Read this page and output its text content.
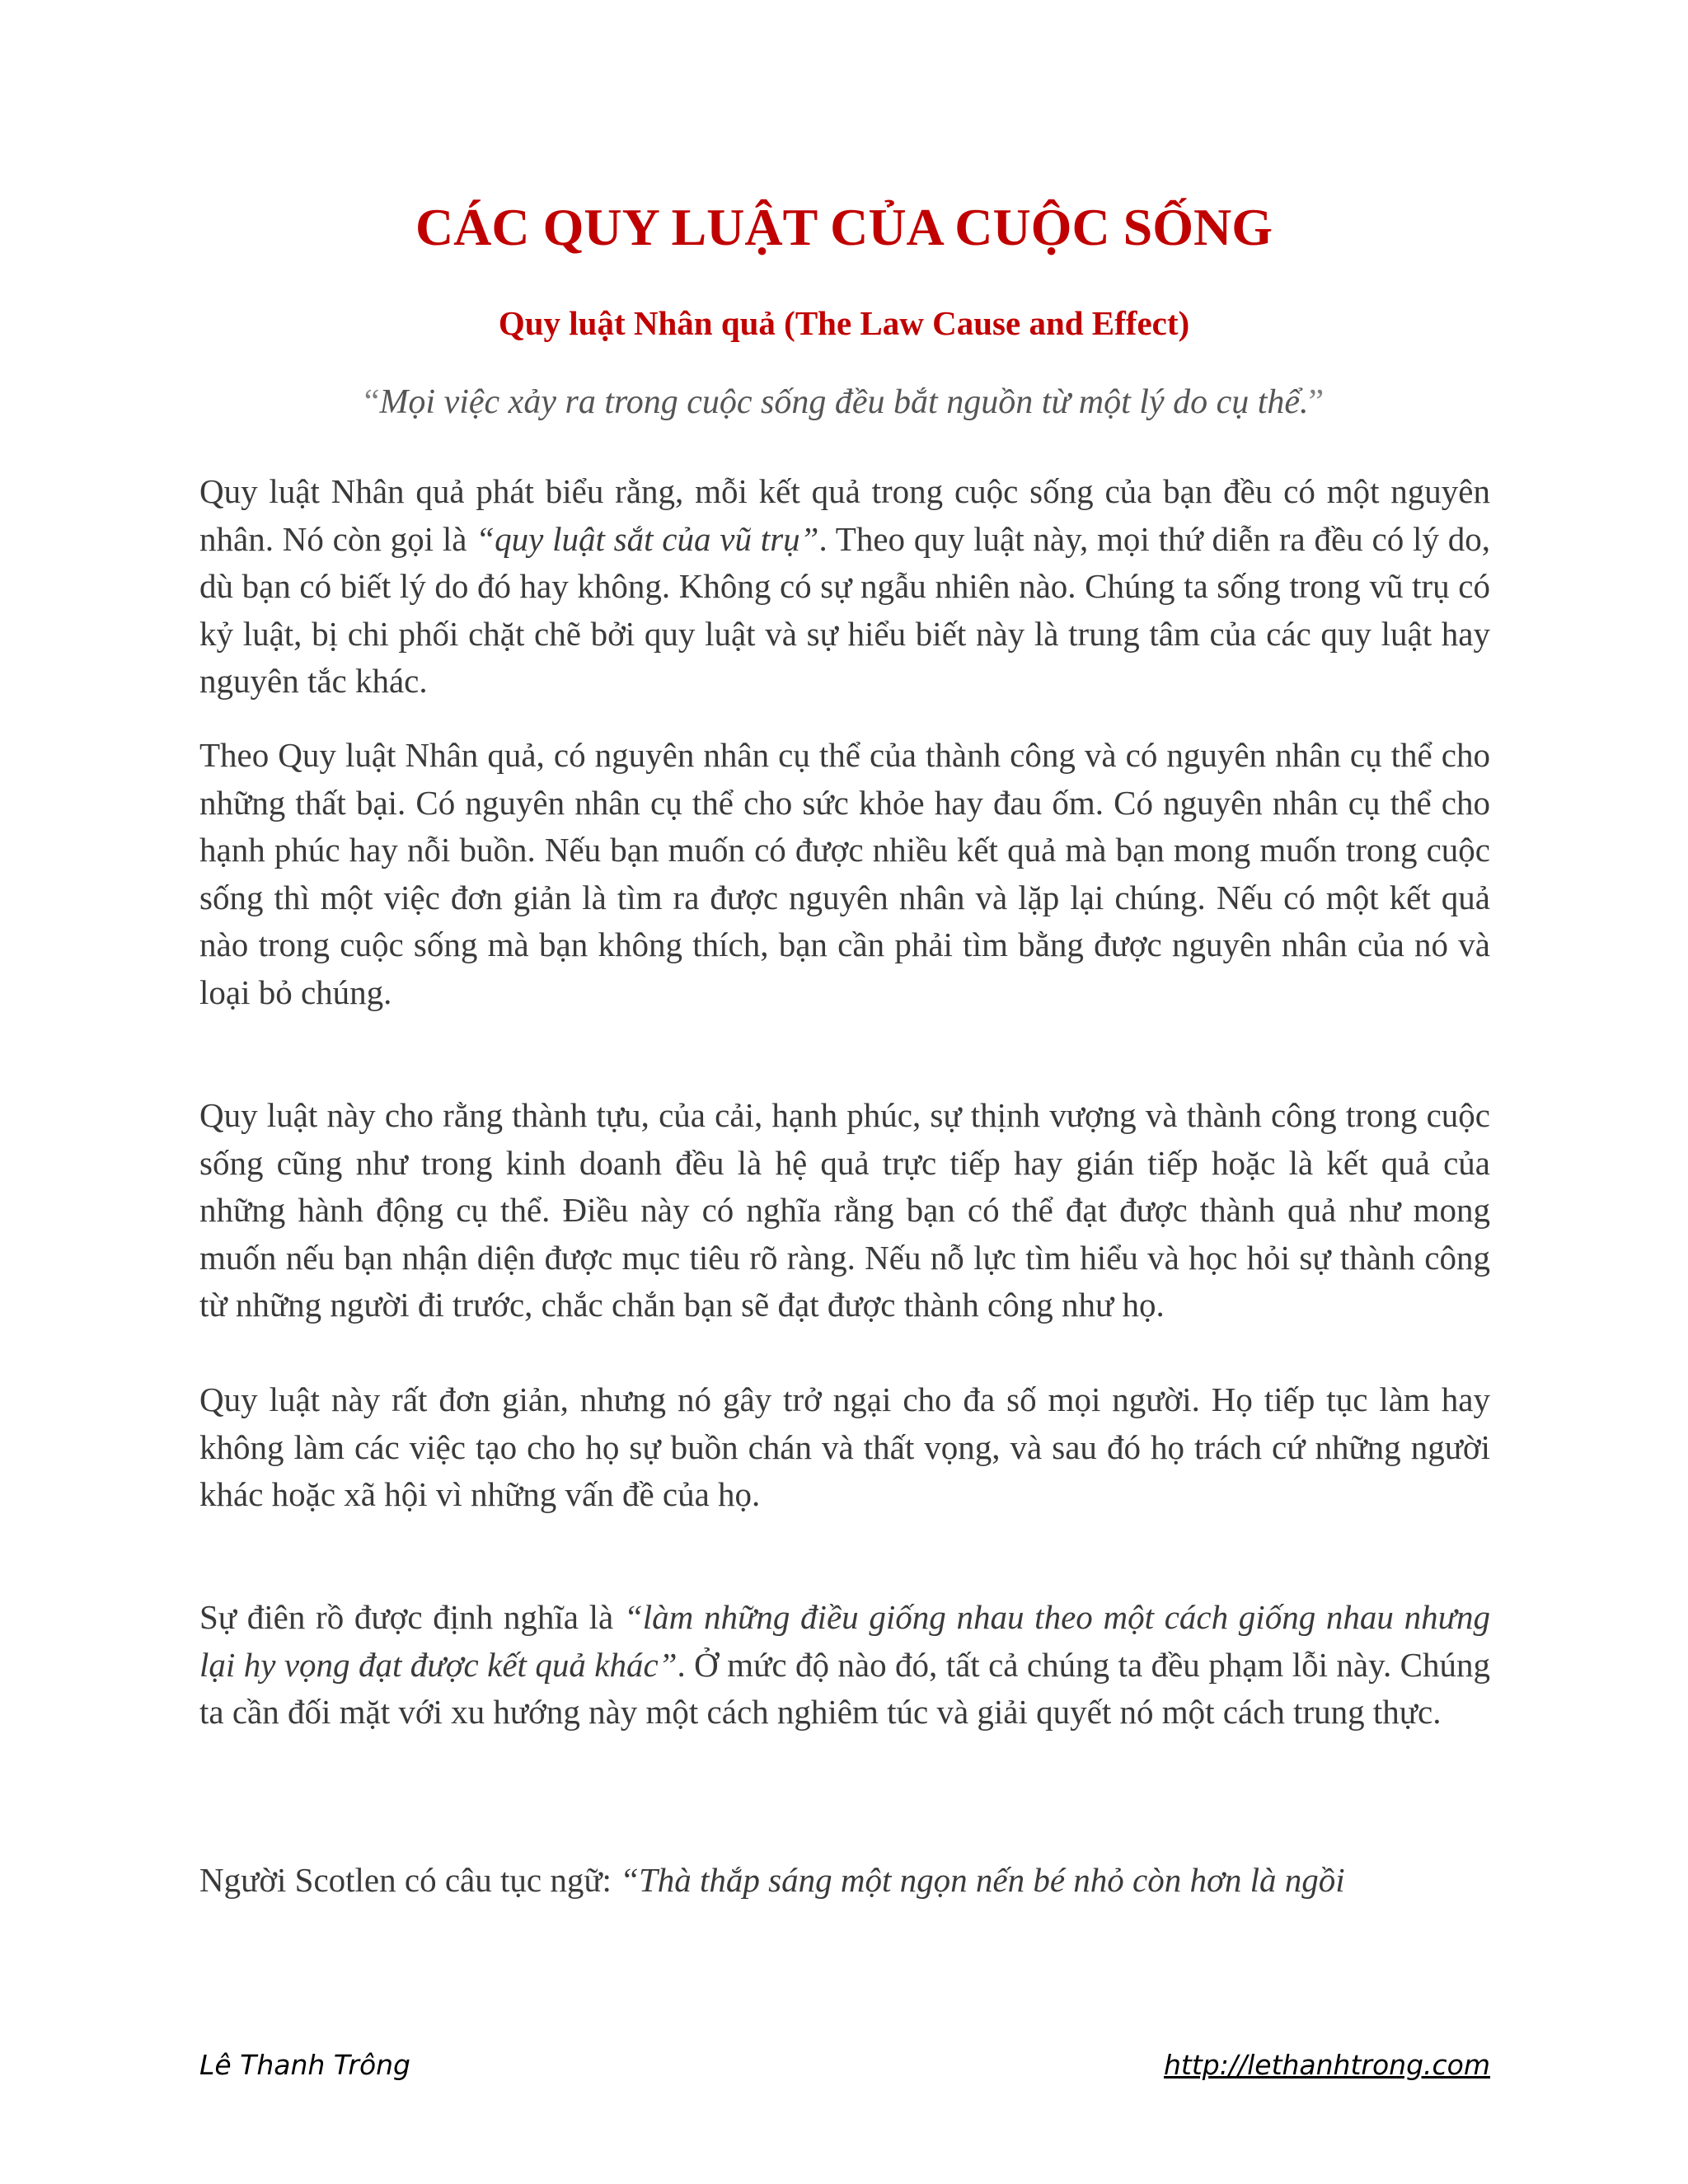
CÁC QUY LUẬT CỦA CUỘC SỐNG
Quy luật Nhân quả (The Law Cause and Effect)

“Mọi việc xảy ra trong cuộc sống đều bắt nguồn từ một lý do cụ thể.”

Quy luật Nhân quả phát biểu rằng, mỗi kết quả trong cuộc sống của bạn đều có một nguyên nhân. Nó còn gọi là “quy luật sắt của vũ trụ”. Theo quy luật này, mọi thứ diễn ra đều có lý do, dù bạn có biết lý do đó hay không. Không có sự ngẫu nhiên nào. Chúng ta sống trong vũ trụ có kỷ luật, bị chi phối chặt chẽ bởi quy luật và sự hiểu biết này là trung tâm của các quy luật hay nguyên tắc khác.

Theo Quy luật Nhân quả, có nguyên nhân cụ thể của thành công và có nguyên nhân cụ thể cho những thất bại. Có nguyên nhân cụ thể cho sức khỏe hay đau ốm. Có nguyên nhân cụ thể cho hạnh phúc hay nỗi buồn. Nếu bạn muốn có được nhiều kết quả mà bạn mong muốn trong cuộc sống thì một việc đơn giản là tìm ra được nguyên nhân và lặp lại chúng. Nếu có một kết quả nào trong cuộc sống mà bạn không thích, bạn cần phải tìm bằng được nguyên nhân của nó và loại bỏ chúng.

Quy luật này cho rằng thành tựu, của cải, hạnh phúc, sự thịnh vượng và thành công trong cuộc sống cũng như trong kinh doanh đều là hệ quả trực tiếp hay gián tiếp hoặc là kết quả của những hành động cụ thể. Điều này có nghĩa rằng bạn có thể đạt được thành quả như mong muốn nếu bạn nhận diện được mục tiêu rõ ràng. Nếu nỗ lực tìm hiểu và học hỏi sự thành công từ những người đi trước, chắc chắn bạn sẽ đạt được thành công như họ.

Quy luật này rất đơn giản, nhưng nó gây trở ngại cho đa số mọi người. Họ tiếp tục làm hay không làm các việc tạo cho họ sự buồn chán và thất vọng, và sau đó họ trách cứ những người khác hoặc xã hội vì những vấn đề của họ.

Sự điên rồ được định nghĩa là “làm những điều giống nhau theo một cách giống nhau nhưng lại hy vọng đạt được kết quả khác”. Ở mức độ nào đó, tất cả chúng ta đều phạm lỗi này. Chúng ta cần đối mặt với xu hướng này một cách nghiêm túc và giải quyết nó một cách trung thực.

Người Scotlen có câu tục ngữ: “Thà thắp sáng một ngọn nến bé nhỏ còn hơn là ngồi

Lê Thanh Trông	http://lethanhtrong.com
